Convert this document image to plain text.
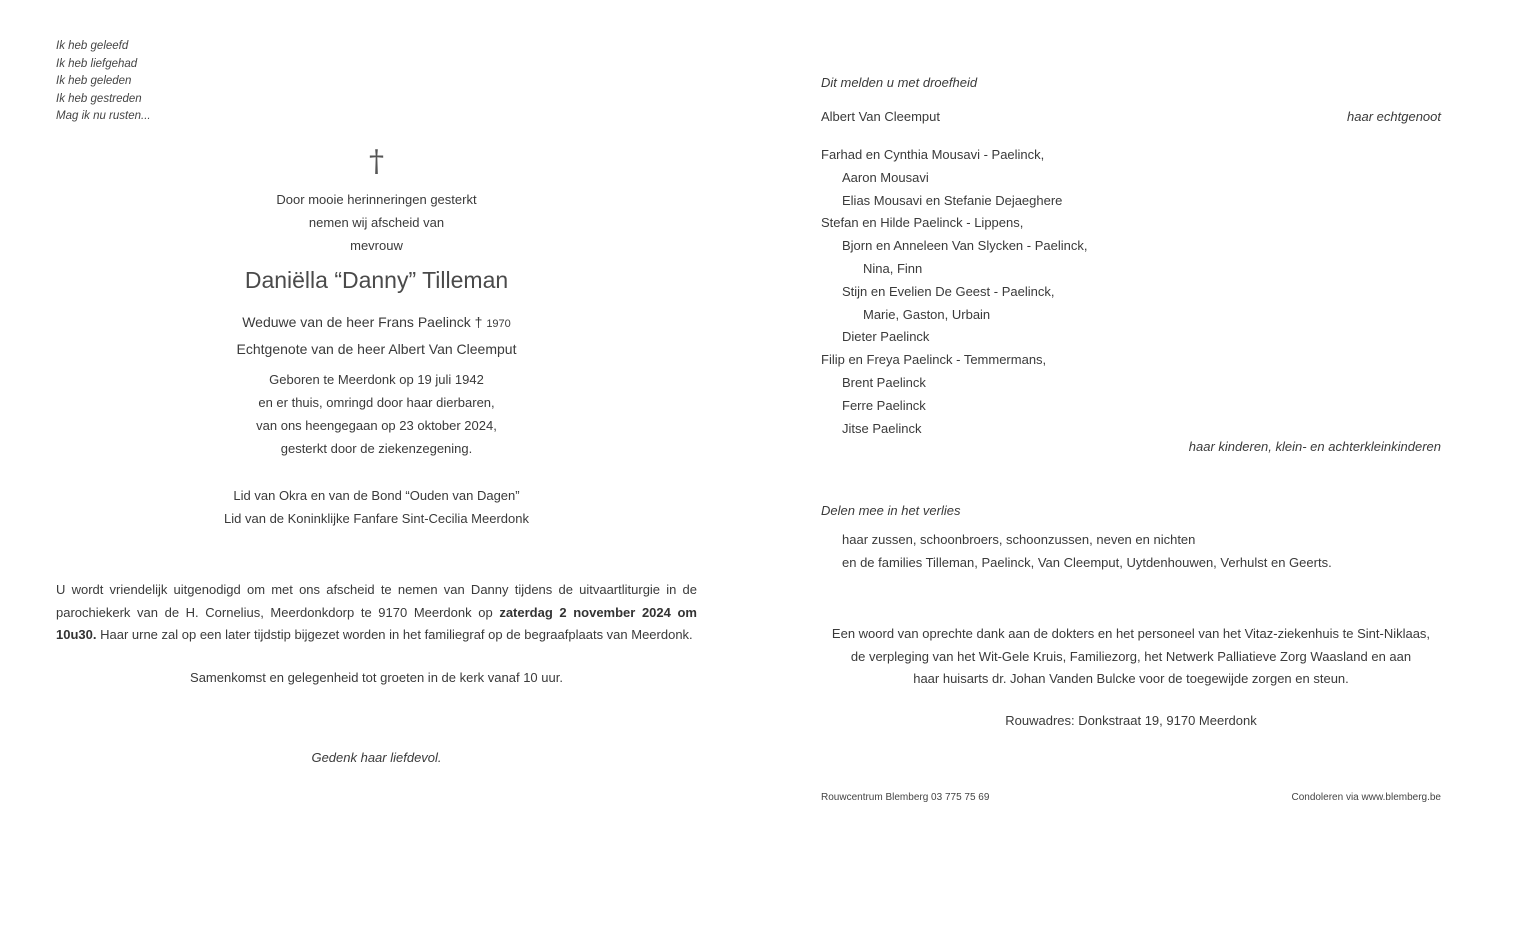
Ik heb geleefd
Ik heb liefgehad
Ik heb geleden
Ik heb gestreden
Mag ik nu rusten...
†
Door mooie herinneringen gesterkt
nemen wij afscheid van
mevrouw
Daniëlla “Danny” Tilleman
Weduwe van de heer Frans Paelinck † 1970
Echtgenote van de heer Albert Van Cleemput
Geboren te Meerdonk op 19 juli 1942
en er thuis, omringd door haar dierbaren,
van ons heengegaan op 23 oktober 2024,
gesterkt door de ziekenzegening.
Lid van Okra en van de Bond “Ouden van Dagen”
Lid van de Koninklijke Fanfare Sint-Cecilia Meerdonk
U wordt vriendelijk uitgenodigd om met ons afscheid te nemen van Danny tijdens de uitvaartliturgie in de parochiekerk van de H. Cornelius, Meerdonkdorp te 9170 Meerdonk op zaterdag 2 november 2024 om 10u30. Haar urne zal op een later tijdstip bijgezet worden in het familiegraf op de begraafplaats van Meerdonk.
Samenkomst en gelegenheid tot groeten in de kerk vanaf 10 uur.
Gedenk haar liefdevol.
Dit melden u met droefheid
Albert Van Cleemput	haar echtgenoot
Farhad en Cynthia Mousavi - Paelinck,
Aaron Mousavi
Elias Mousavi en Stefanie Dejaeghere
Stefan en Hilde Paelinck - Lippens,
Bjorn en Anneleen Van Slycken - Paelinck,
Nina, Finn
Stijn en Evelien De Geest - Paelinck,
Marie, Gaston, Urbain
Dieter Paelinck
Filip en Freya Paelinck - Temmermans,
Brent Paelinck
Ferre Paelinck
Jitse Paelinck
haar kinderen, klein- en achterkleinkinderen
Delen mee in het verlies
haar zussen, schoonbroers, schoonzussen, neven en nichten
en de families Tilleman, Paelinck, Van Cleemput, Uytdenhouwen, Verhulst en Geerts.
Een woord van oprechte dank aan de dokters en het personeel van het Vitaz-ziekenhuis te Sint-Niklaas,
de verpleging van het Wit-Gele Kruis, Familiezorg, het Netwerk Palliatieve Zorg Waasland en aan
haar huisarts dr. Johan Vanden Bulcke voor de toegewijde zorgen en steun.
Rouwadres: Donkstraat 19, 9170 Meerdonk
Rouwcentrum Blemberg 03 775 75 69	Condoleren via www.blemberg.be
